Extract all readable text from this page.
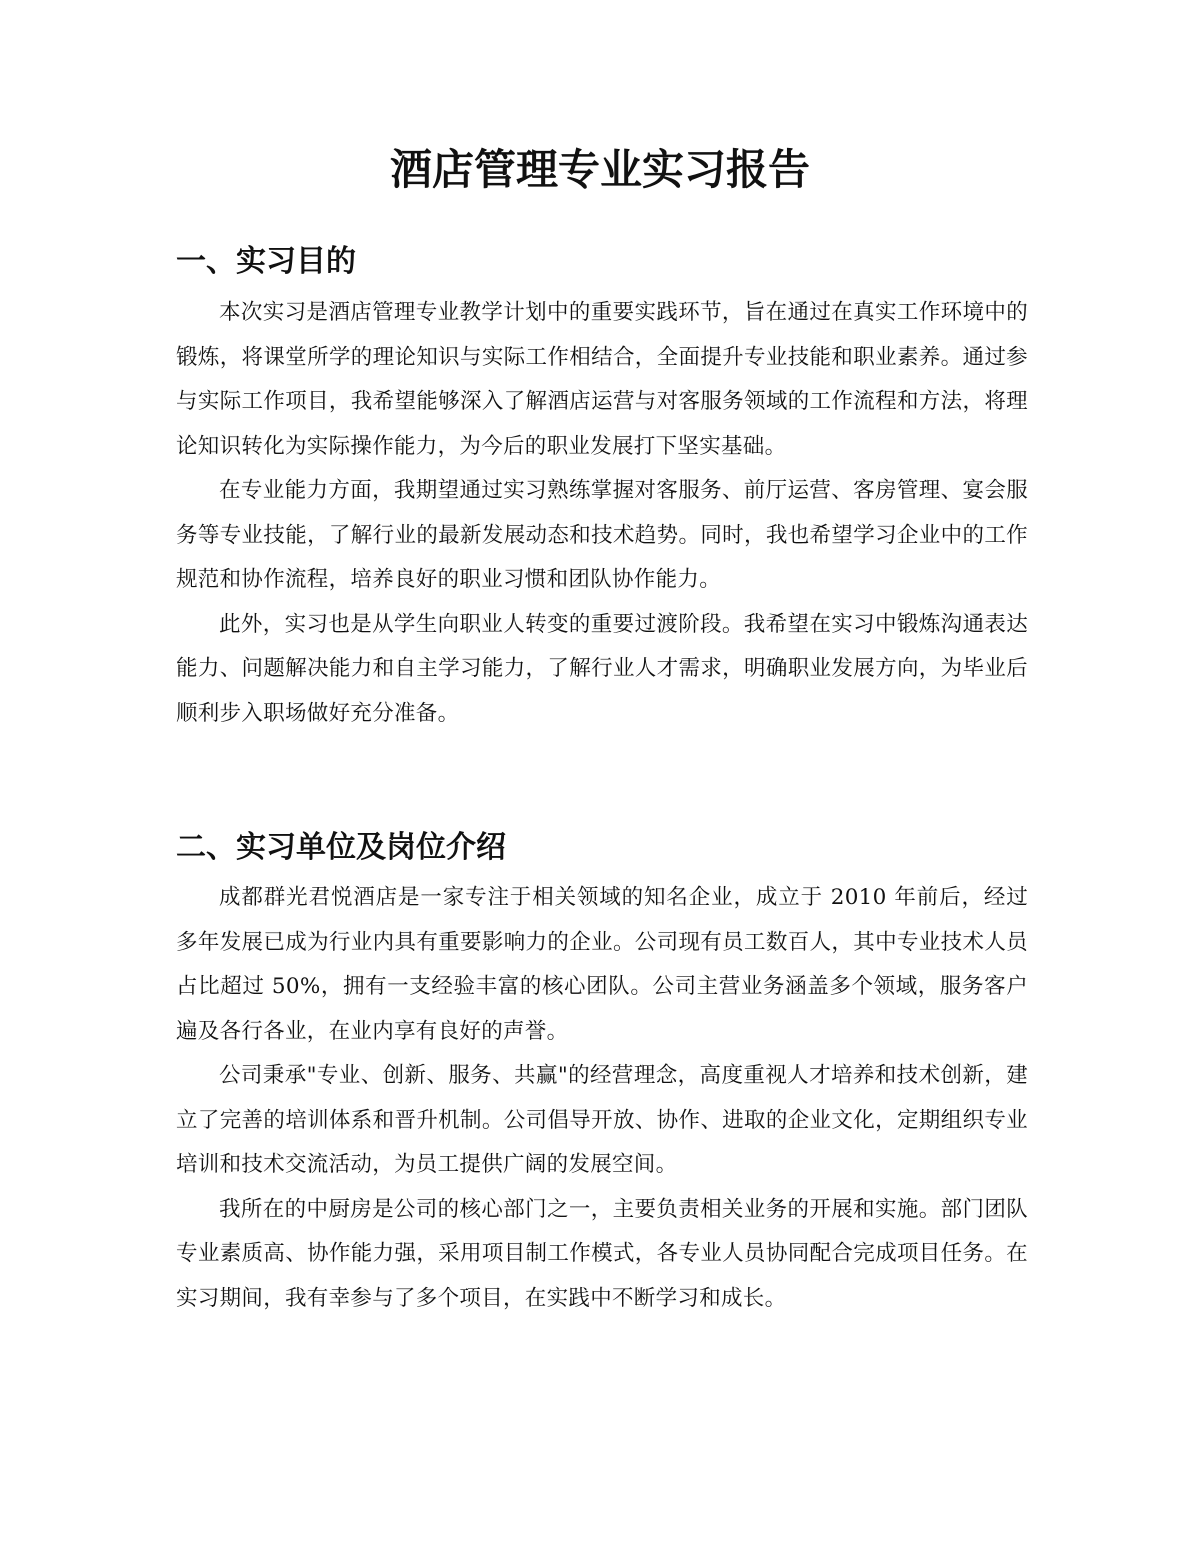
酒店管理专业实习报告
一、实习目的

本次实习是酒店管理专业教学计划中的重要实践环节，旨在通过在真实工作环境中的锻炼，将课堂所学的理论知识与实际工作相结合，全面提升专业技能和职业素养。通过参与实际工作项目，我希望能够深入了解酒店运营与对客服务领域的工作流程和方法，将理论知识转化为实际操作能力，为今后的职业发展打下坚实基础。

在专业能力方面，我期望通过实习熟练掌握对客服务、前厅运营、客房管理、宴会服务等专业技能，了解行业的最新发展动态和技术趋势。同时，我也希望学习企业中的工作规范和协作流程，培养良好的职业习惯和团队协作能力。

此外，实习也是从学生向职业人转变的重要过渡阶段。我希望在实习中锻炼沟通表达能力、问题解决能力和自主学习能力，了解行业人才需求，明确职业发展方向，为毕业后顺利步入职场做好充分准备。

二、实习单位及岗位介绍

成都群光君悦酒店是一家专注于相关领域的知名企业，成立于 2010 年前后，经过多年发展已成为行业内具有重要影响力的企业。公司现有员工数百人，其中专业技术人员占比超过 50%，拥有一支经验丰富的核心团队。公司主营业务涵盖多个领域，服务客户遍及各行各业，在业内享有良好的声誉。

公司秉承"专业、创新、服务、共赢"的经营理念，高度重视人才培养和技术创新，建立了完善的培训体系和晋升机制。公司倡导开放、协作、进取的企业文化，定期组织专业培训和技术交流活动，为员工提供广阔的发展空间。

我所在的中厨房是公司的核心部门之一，主要负责相关业务的开展和实施。部门团队专业素质高、协作能力强，采用项目制工作模式，各专业人员协同配合完成项目任务。在实习期间，我有幸参与了多个项目，在实践中不断学习和成长。
